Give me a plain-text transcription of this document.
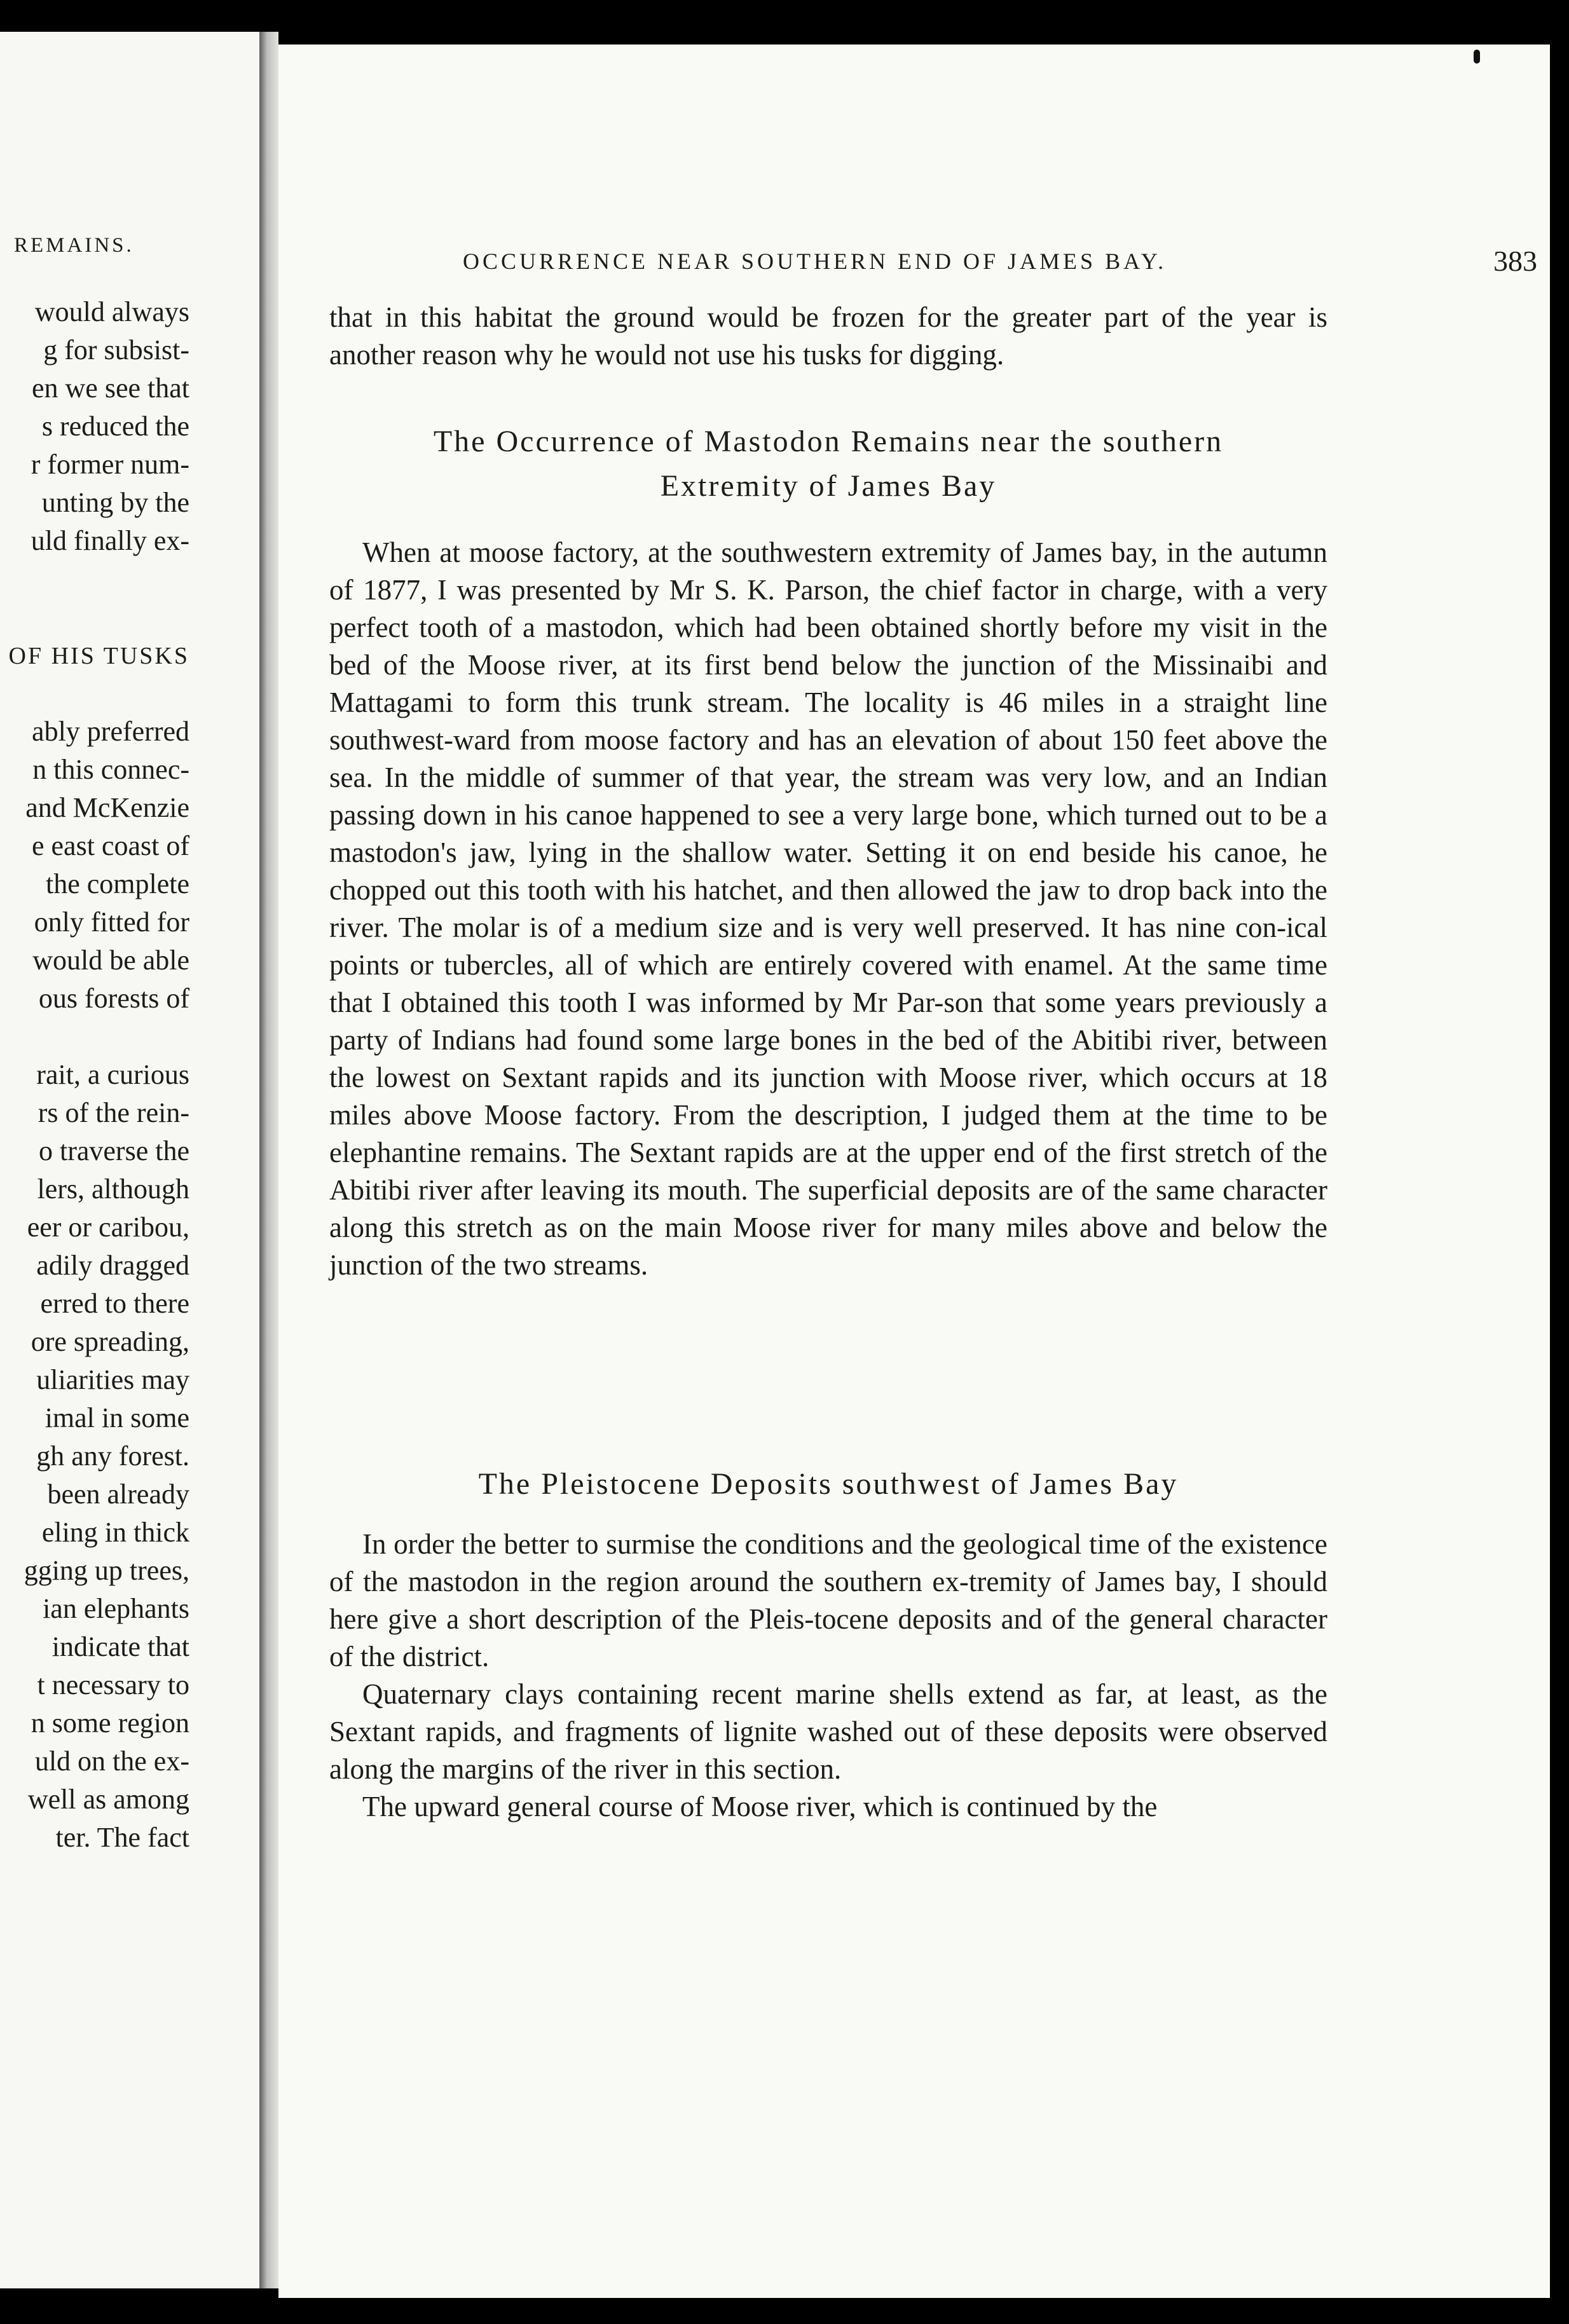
REMAINS.
would always
g for subsist-
en we see that
s reduced the
r former num-
unting by the
uld finally ex-
OF HIS TUSKS
ably preferred
n this connec-
and McKenzie
e east coast of
the complete
only fitted for
would be able
ous forests of
rait, a curious
rs of the rein-
o traverse the
lers, although
eer or caribou,
adily dragged
erred to there
ore spreading,
uliarities may
imal in some
gh any forest.
been already
eling in thick
gging up trees,
ian elephants
indicate that
t necessary to
n some region
uld on the ex-
well as among
ter. The fact
OCCURRENCE NEAR SOUTHERN END OF JAMES BAY.	383

that in this habitat the ground would be frozen for the greater part of the year is another reason why he would not use his tusks for digging.

The Occurrence of Mastodon Remains near the southern
Extremity of James Bay

When at moose factory, at the southwestern extremity of James bay, in the autumn of 1877, I was presented by Mr S. K. Parson, the chief factor in charge, with a very perfect tooth of a mastodon, which had been obtained shortly before my visit in the bed of the Moose river, at its first bend below the junction of the Missinaibi and Mattagami to form this trunk stream. The locality is 46 miles in a straight line southwest-ward from moose factory and has an elevation of about 150 feet above the sea. In the middle of summer of that year, the stream was very low, and an Indian passing down in his canoe happened to see a very large bone, which turned out to be a mastodon's jaw, lying in the shallow water. Setting it on end beside his canoe, he chopped out this tooth with his hatchet, and then allowed the jaw to drop back into the river. The molar is of a medium size and is very well preserved. It has nine con-ical points or tubercles, all of which are entirely covered with enamel. At the same time that I obtained this tooth I was informed by Mr Par-son that some years previously a party of Indians had found some large bones in the bed of the Abitibi river, between the lowest on Sextant rapids and its junction with Moose river, which occurs at 18 miles above Moose factory. From the description, I judged them at the time to be elephantine remains. The Sextant rapids are at the upper end of the first stretch of the Abitibi river after leaving its mouth. The superficial deposits are of the same character along this stretch as on the main Moose river for many miles above and below the junction of the two streams.

The Pleistocene Deposits southwest of James Bay

In order the better to surmise the conditions and the geological time of the existence of the mastodon in the region around the southern ex-tremity of James bay, I should here give a short description of the Pleis-tocene deposits and of the general character of the district.

Quaternary clays containing recent marine shells extend as far, at least, as the Sextant rapids, and fragments of lignite washed out of these deposits were observed along the margins of the river in this section.

The upward general course of Moose river, which is continued by the
